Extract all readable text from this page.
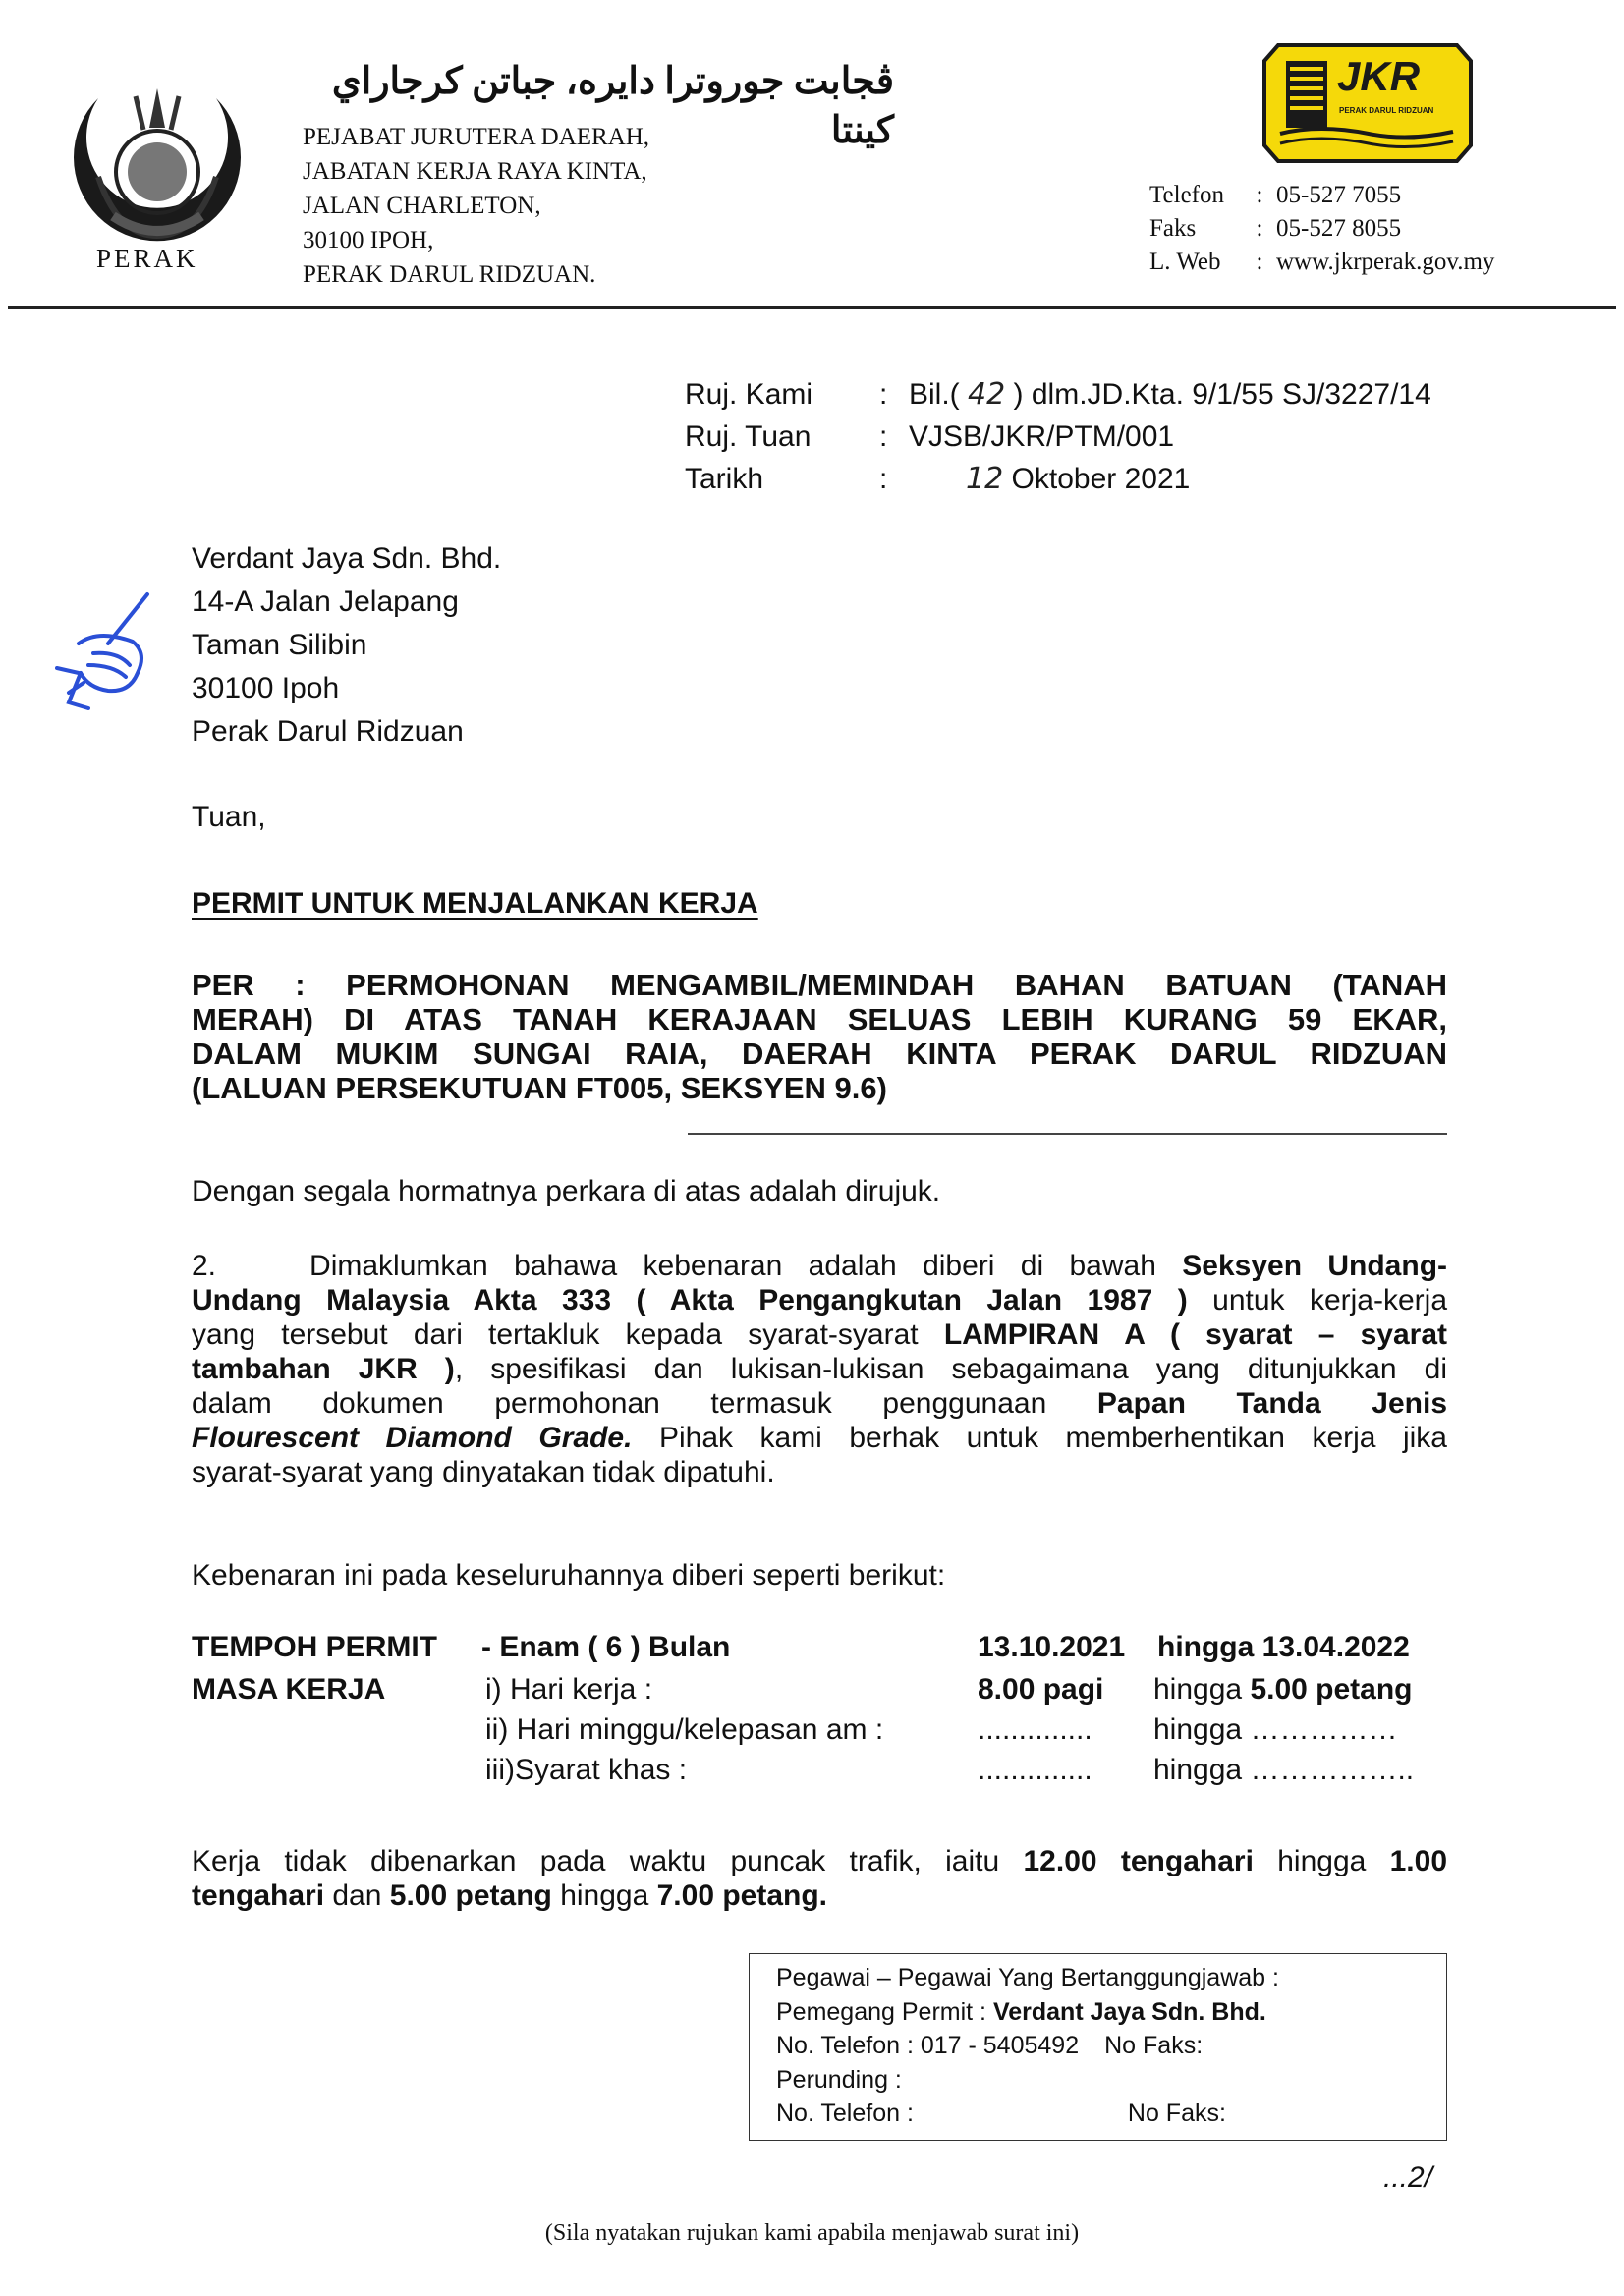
PERAK
ڤجابت جوروترا دايره، جباتن كرجاراي كينتا
PEJABAT JURUTERA DAERAH,
JABATAN KERJA RAYA KINTA,
JALAN CHARLETON,
30100 IPOH,
PERAK DARUL RIDZUAN.
JKR
PERAK DARUL RIDZUAN
Telefon	: 05-527 7055
Faks	: 05-527 8055
L. Web	: www.jkrperak.gov.my
Ruj. Kami	: Bil.( 42 ) dlm.JD.Kta. 9/1/55 SJ/3227/14
Ruj. Tuan	: VJSB/JKR/PTM/001
Tarikh	:	12 Oktober 2021
Verdant Jaya Sdn. Bhd.
14-A Jalan Jelapang
Taman Silibin
30100 Ipoh
Perak Darul Ridzuan
Tuan,
PERMIT UNTUK MENJALANKAN KERJA
PER : PERMOHONAN MENGAMBIL/MEMINDAH BAHAN BATUAN (TANAH
MERAH) DI ATAS TANAH KERAJAAN SELUAS LEBIH KURANG 59 EKAR,
DALAM MUKIM SUNGAI RAIA, DAERAH KINTA PERAK DARUL RIDZUAN
(LALUAN PERSEKUTUAN FT005, SEKSYEN 9.6)
Dengan segala hormatnya perkara di atas adalah dirujuk.
2.	Dimaklumkan bahawa kebenaran adalah diberi di bawah Seksyen Undang-
Undang Malaysia Akta 333 ( Akta Pengangkutan Jalan 1987 ) untuk kerja-kerja
yang tersebut dari tertakluk kepada syarat-syarat LAMPIRAN A ( syarat – syarat
tambahan JKR ), spesifikasi dan lukisan-lukisan sebagaimana yang ditunjukkan di
dalam dokumen permohonan termasuk penggunaan Papan Tanda Jenis
Flourescent Diamond Grade. Pihak kami berhak untuk memberhentikan kerja jika
syarat-syarat yang dinyatakan tidak dipatuhi.
Kebenaran ini pada keseluruhannya diberi seperti berikut:
TEMPOH PERMIT - Enam ( 6 ) Bulan	13.10.2021 hingga 13.04.2022
MASA KERJA	i) Hari kerja :	8.00 pagi hingga 5.00 petang
ii) Hari minggu/kelepasan am :	.............. hingga ……………
iii)Syarat khas :	.............. hingga ……………..
Kerja tidak dibenarkan pada waktu puncak trafik, iaitu 12.00 tengahari hingga 1.00
tengahari dan 5.00 petang hingga 7.00 petang.
Pegawai – Pegawai Yang Bertanggungjawab :
Pemegang Permit : Verdant Jaya Sdn. Bhd.
No. Telefon : 017 - 5405492 No Faks:
Perunding :
No. Telefon :	No Faks:
...2/
(Sila nyatakan rujukan kami apabila menjawab surat ini)
